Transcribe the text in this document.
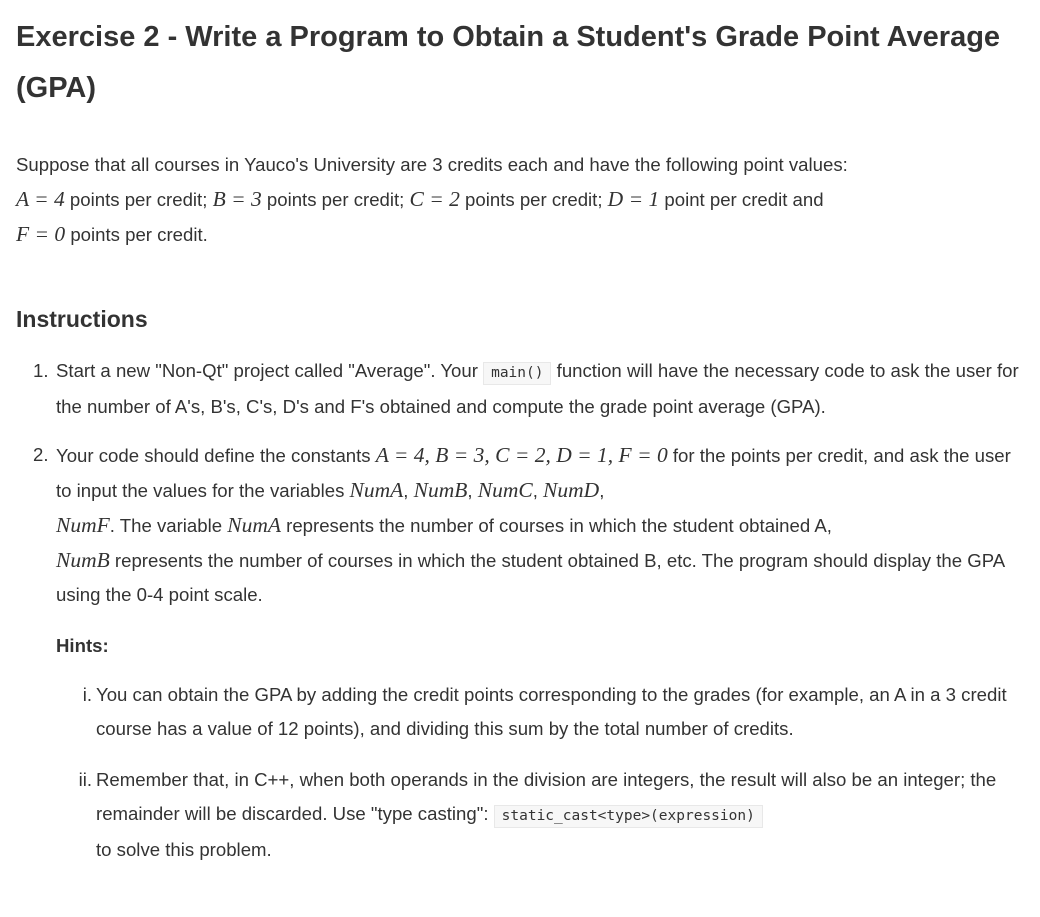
Exercise 2 - Write a Program to Obtain a Student's Grade Point Average (GPA)

Suppose that all courses in Yauco's University are 3 credits each and have the following point values:
A = 4 points per credit; B = 3 points per credit; C = 2 points per credit; D = 1 point per credit and
F = 0 points per credit.

Instructions
1. Start a new "Non-Qt" project called "Average". Your main() function will have the necessary code to ask the user for the number of A's, B's, C's, D's and F's obtained and compute the grade point average (GPA).
2. Your code should define the constants A = 4, B = 3, C = 2, D = 1, F = 0 for the points per credit, and ask the user to input the values for the variables NumA, NumB, NumC, NumD,
NumF. The variable NumA represents the number of courses in which the student obtained A,
NumB represents the number of courses in which the student obtained B, etc. The program should display the GPA using the 0-4 point scale.

Hints:

i. You can obtain the GPA by adding the credit points corresponding to the grades (for example, an A in a 3 credit course has a value of 12 points), and dividing this sum by the total number of credits.
ii. Remember that, in C++, when both operands in the division are integers, the result will also be an integer; the remainder will be discarded. Use "type casting": static_cast<type>(expression)
to solve this problem.
